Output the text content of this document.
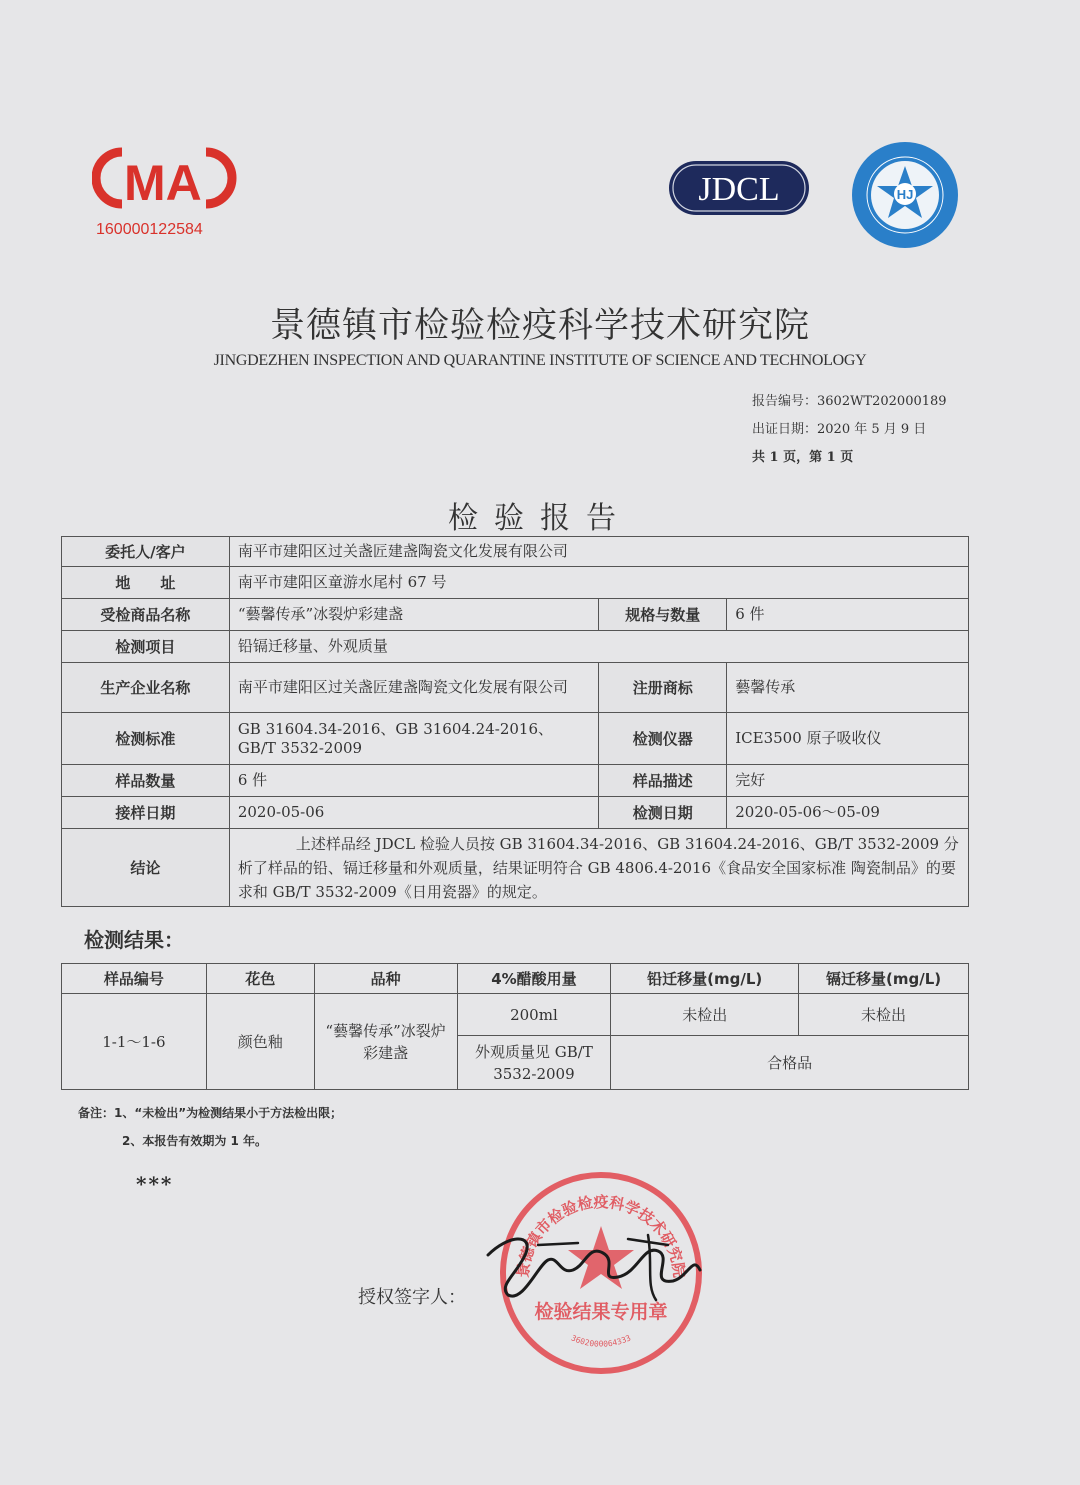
MA
160000122584
JDCL	HJ
景德镇市检验检疫科学技术研究院
JINGDEZHEN INSPECTION AND QUARANTINE INSTITUTE OF SCIENCE AND TECHNOLOGY
报告编号：3602WT202000189
出证日期：2020 年 5 月 9 日
共 1 页，第 1 页
检验报告
委托人/客户	南平市建阳区过关盏匠建盏陶瓷文化发展有限公司		
地　　址	南平市建阳区童游水尾村 67 号		
受检商品名称	“藝馨传承”冰裂炉彩建盏	规格与数量	6 件
检测项目	铅镉迁移量、外观质量		
生产企业名称	南平市建阳区过关盏匠建盏陶瓷文化发展有限公司	注册商标	藝馨传承
检测标准	GB 31604.34-2016、GB 31604.24-2016、GB/T 3532-2009	检测仪器	ICE3500 原子吸收仪
样品数量	6 件	样品描述	完好
接样日期	2020-05-06	检测日期	2020-05-06～05-09
结论	上述样品经 JDCL 检验人员按 GB 31604.34-2016、GB 31604.24-2016、GB/T 3532-2009 分析了样品的铅、镉迁移量和外观质量，结果证明符合 GB 4806.4-2016《食品安全国家标准 陶瓷制品》的要求和 GB/T 3532-2009《日用瓷器》的规定。		
检测结果：
样品编号	花色	品种	4%醋酸用量	铅迁移量(mg/L)	镉迁移量(mg/L)
1-1～1-6	颜色釉	“藝馨传承”冰裂炉彩建盏	200ml	未检出	未检出
			外观质量见 GB/T 3532-2009	合格品	
备注：1、“未检出”为检测结果小于方法检出限；
2、本报告有效期为 1 年。
***
授权签字人：
景德镇市检验检疫科学技术研究院
检验结果专用章
3602000064333
